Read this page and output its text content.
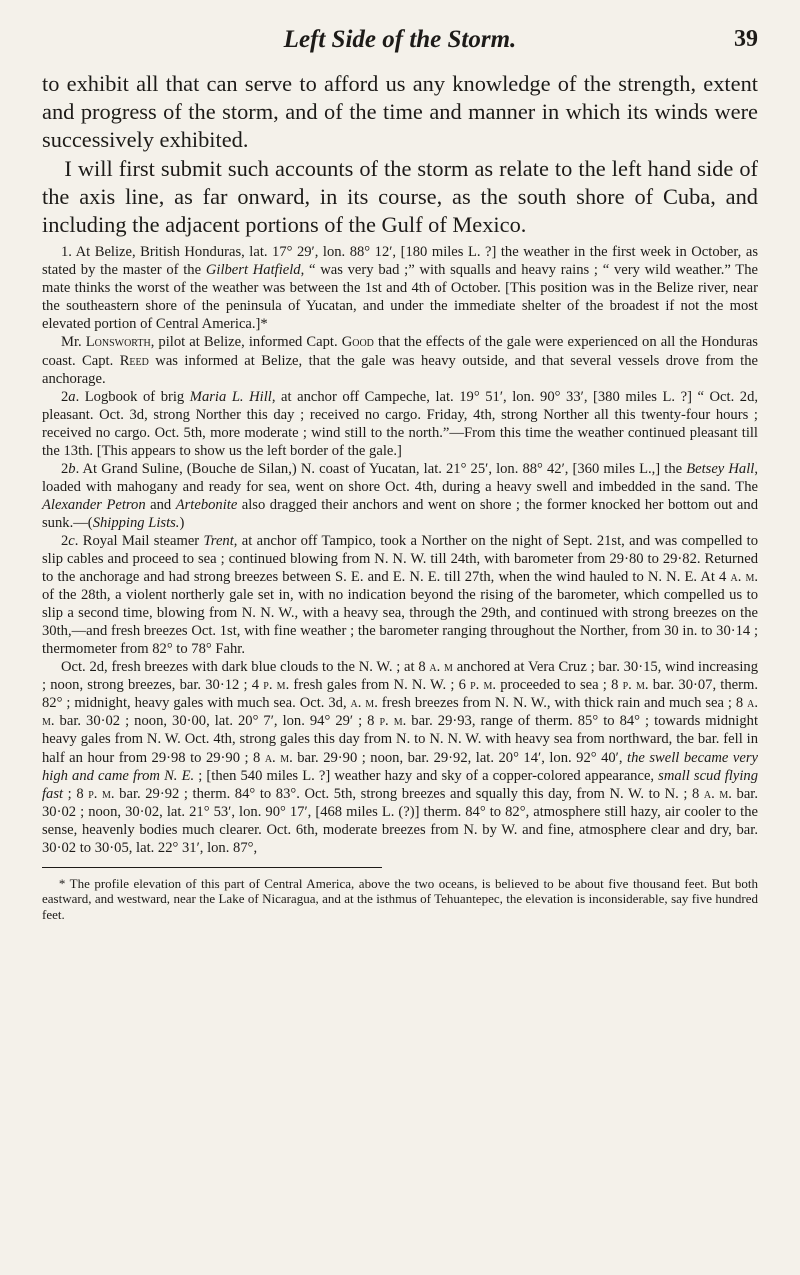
Left Side of the Storm.	39

to exhibit all that can serve to afford us any knowledge of the strength, extent and progress of the storm, and of the time and manner in which its winds were successively exhibited.

I will first submit such accounts of the storm as relate to the left hand side of the axis line, as far onward, in its course, as the south shore of Cuba, and including the adjacent portions of the Gulf of Mexico.

1. At Belize, British Honduras, lat. 17° 29′, lon. 88° 12′, [180 miles L. ?] the weather in the first week in October, as stated by the master of the Gilbert Hatfield, “ was very bad ;” with squalls and heavy rains ; “ very wild weather.” The mate thinks the worst of the weather was between the 1st and 4th of October. [This position was in the Belize river, near the southeastern shore of the peninsula of Yucatan, and under the immediate shelter of the broadest if not the most elevated portion of Central America.]*

Mr. Lonsworth, pilot at Belize, informed Capt. Good that the effects of the gale were experienced on all the Honduras coast. Capt. Reed was informed at Belize, that the gale was heavy outside, and that several vessels drove from the anchorage.

2a. Logbook of brig Maria L. Hill, at anchor off Campeche, lat. 19° 51′, lon. 90° 33′, [380 miles L. ?] “ Oct. 2d, pleasant. Oct. 3d, strong Norther this day ; received no cargo. Friday, 4th, strong Norther all this twenty-four hours ; received no cargo. Oct. 5th, more moderate ; wind still to the north.”—From this time the weather continued pleasant till the 13th. [This appears to show us the left border of the gale.]

2b. At Grand Suline, (Bouche de Silan,) N. coast of Yucatan, lat. 21° 25′, lon. 88° 42′, [360 miles L.,] the Betsey Hall, loaded with mahogany and ready for sea, went on shore Oct. 4th, during a heavy swell and imbedded in the sand. The Alexander Petron and Artebonite also dragged their anchors and went on shore ; the former knocked her bottom out and sunk.—(Shipping Lists.)

2c. Royal Mail steamer Trent, at anchor off Tampico, took a Norther on the night of Sept. 21st, and was compelled to slip cables and proceed to sea ; continued blowing from N. N. W. till 24th, with barometer from 29·80 to 29·82. Returned to the anchorage and had strong breezes between S. E. and E. N. E. till 27th, when the wind hauled to N. N. E. At 4 a. m. of the 28th, a violent northerly gale set in, with no indication beyond the rising of the barometer, which compelled us to slip a second time, blowing from N. N. W., with a heavy sea, through the 29th, and continued with strong breezes on the 30th,—and fresh breezes Oct. 1st, with fine weather ; the barometer ranging throughout the Norther, from 30 in. to 30·14 ; thermometer from 82° to 78° Fahr.

Oct. 2d, fresh breezes with dark blue clouds to the N. W. ; at 8 a. m anchored at Vera Cruz ; bar. 30·15, wind increasing ; noon, strong breezes, bar. 30·12 ; 4 p. m. fresh gales from N. N. W. ; 6 p. m. proceeded to sea ; 8 p. m. bar. 30·07, therm. 82° ; midnight, heavy gales with much sea. Oct. 3d, a. m. fresh breezes from N. N. W., with thick rain and much sea ; 8 a. m. bar. 30·02 ; noon, 30·00, lat. 20° 7′, lon. 94° 29′ ; 8 p. m. bar. 29·93, range of therm. 85° to 84° ; towards midnight heavy gales from N. W. Oct. 4th, strong gales this day from N. to N. N. W. with heavy sea from northward, the bar. fell in half an hour from 29·98 to 29·90 ; 8 a. m. bar. 29·90 ; noon, bar. 29·92, lat. 20° 14′, lon. 92° 40′, the swell became very high and came from N. E. ; [then 540 miles L. ?] weather hazy and sky of a copper-colored appearance, small scud flying fast ; 8 p. m. bar. 29·92 ; therm. 84° to 83°. Oct. 5th, strong breezes and squally this day, from N. W. to N. ; 8 a. m. bar. 30·02 ; noon, 30·02, lat. 21° 53′, lon. 90° 17′, [468 miles L. (?)] therm. 84° to 82°, atmosphere still hazy, air cooler to the sense, heavenly bodies much clearer. Oct. 6th, moderate breezes from N. by W. and fine, atmosphere clear and dry, bar. 30·02 to 30·05, lat. 22° 31′, lon. 87°,

* The profile elevation of this part of Central America, above the two oceans, is believed to be about five thousand feet. But both eastward, and westward, near the Lake of Nicaragua, and at the isthmus of Tehuantepec, the elevation is inconsiderable, say five hundred feet.
